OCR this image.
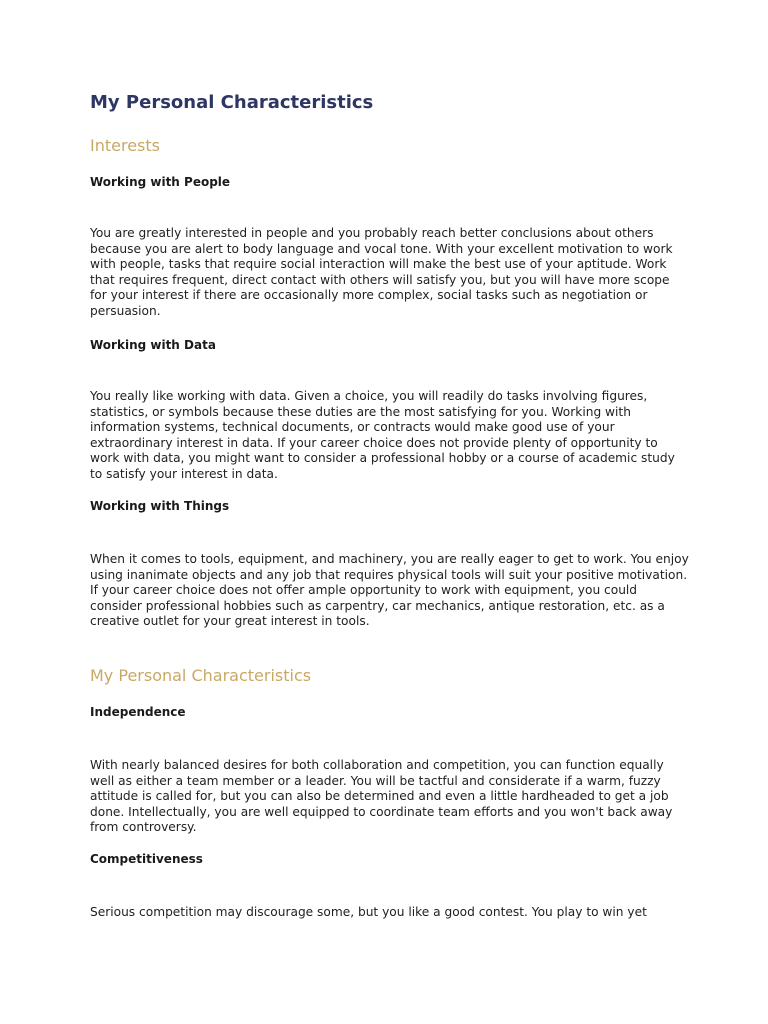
My Personal Characteristics
Interests
Working with People

You are greatly interested in people and you probably reach better conclusions about others because you are alert to body language and vocal tone. With your excellent motivation to work with people, tasks that require social interaction will make the best use of your aptitude. Work that requires frequent, direct contact with others will satisfy you, but you will have more scope for your interest if there are occasionally more complex, social tasks such as negotiation or persuasion.

Working with Data

You really like working with data. Given a choice, you will readily do tasks involving figures, statistics, or symbols because these duties are the most satisfying for you. Working with information systems, technical documents, or contracts would make good use of your extraordinary interest in data. If your career choice does not provide plenty of opportunity to work with data, you might want to consider a professional hobby or a course of academic study to satisfy your interest in data.

Working with Things

When it comes to tools, equipment, and machinery, you are really eager to get to work. You enjoy using inanimate objects and any job that requires physical tools will suit your positive motivation. If your career choice does not offer ample opportunity to work with equipment, you could consider professional hobbies such as carpentry, car mechanics, antique restoration, etc. as a creative outlet for your great interest in tools.

My Personal Characteristics
Independence

With nearly balanced desires for both collaboration and competition, you can function equally well as either a team member or a leader. You will be tactful and considerate if a warm, fuzzy attitude is called for, but you can also be determined and even a little hardheaded to get a job done. Intellectually, you are well equipped to coordinate team efforts and you won't back away from controversy.

Competitiveness

Serious competition may discourage some, but you like a good contest. You play to win yet
